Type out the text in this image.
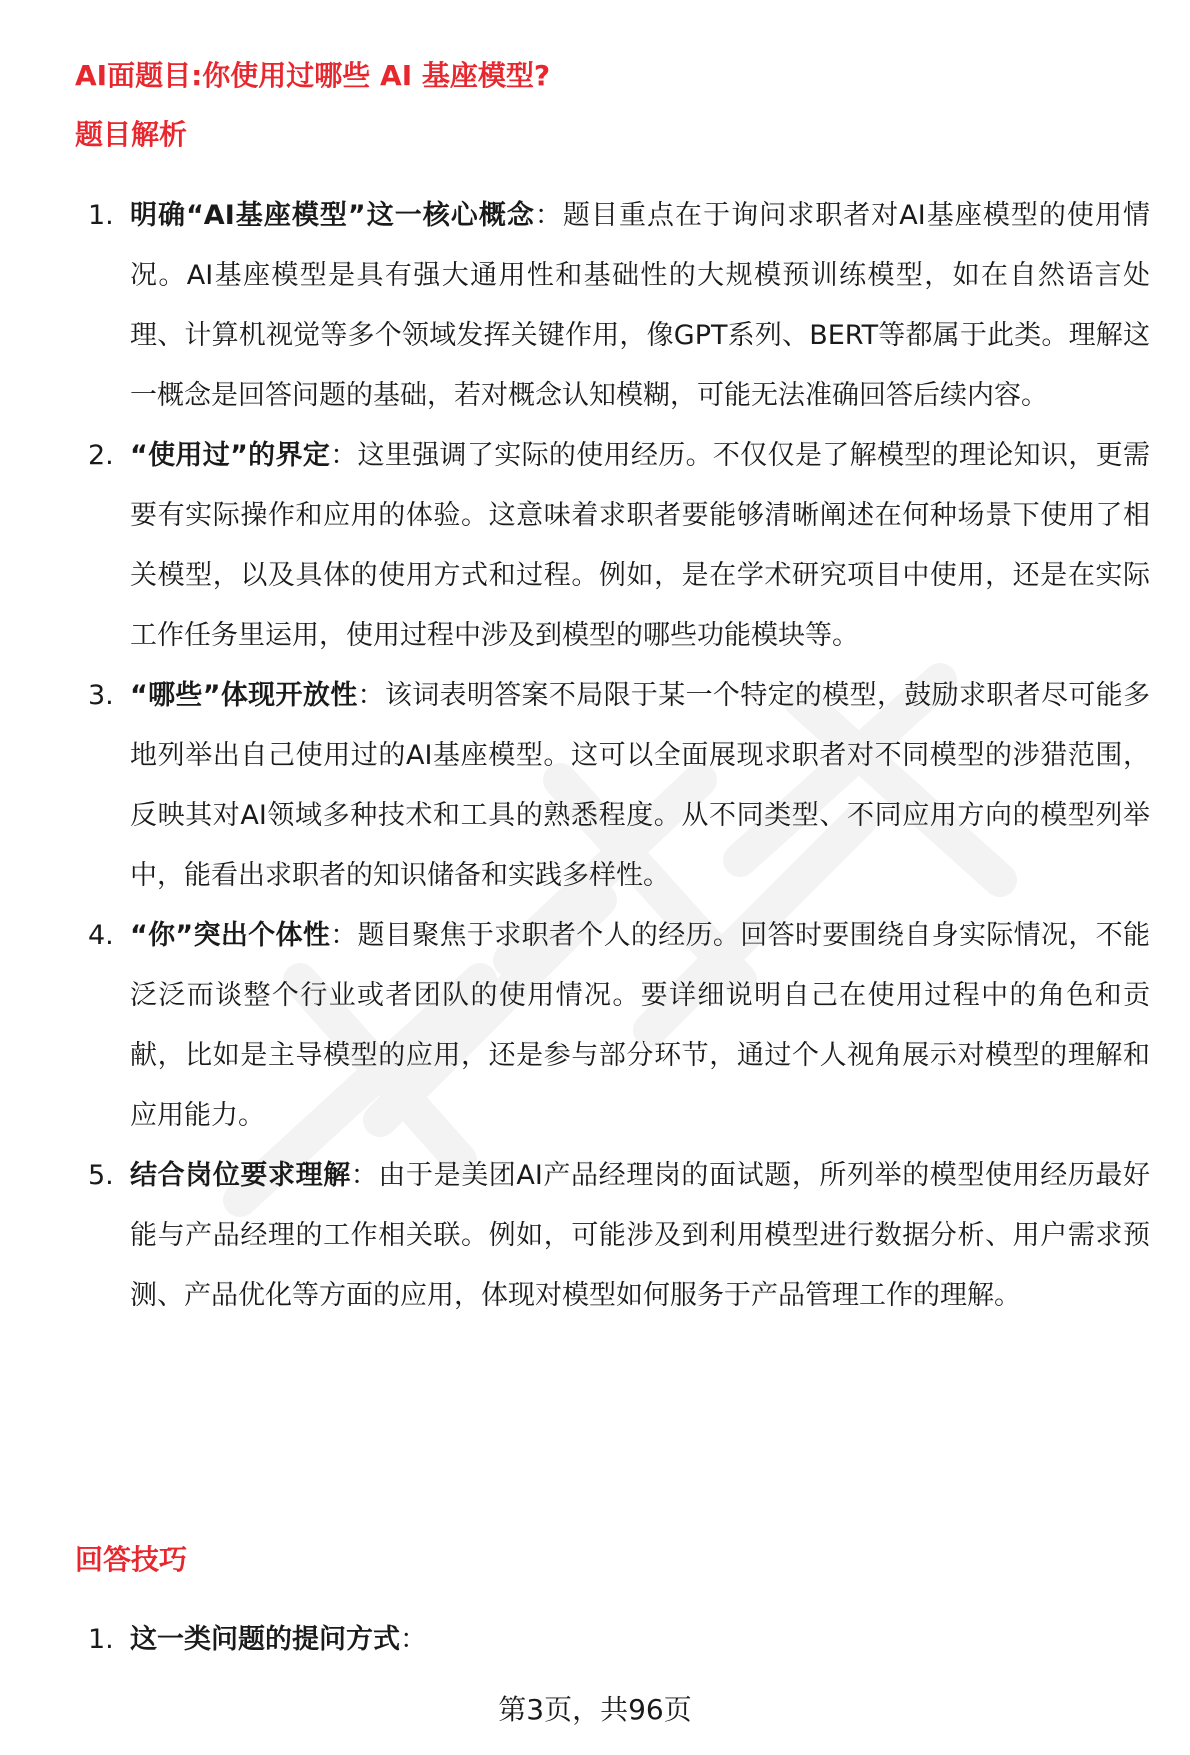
AI面题目:你使用过哪些 AI 基座模型?
题目解析
1. 明确“AI基座模型”这一核心概念：题目重点在于询问求职者对AI基座模型的使用情况。AI基座模型是具有强大通用性和基础性的大规模预训练模型，如在自然语言处理、计算机视觉等多个领域发挥关键作用，像GPT系列、BERT等都属于此类。理解这一概念是回答问题的基础，若对概念认知模糊，可能无法准确回答后续内容。
2. “使用过”的界定：这里强调了实际的使用经历。不仅仅是了解模型的理论知识，更需要有实际操作和应用的体验。这意味着求职者要能够清晰阐述在何种场景下使用了相关模型，以及具体的使用方式和过程。例如，是在学术研究项目中使用，还是在实际工作任务里运用，使用过程中涉及到模型的哪些功能模块等。
3. “哪些”体现开放性：该词表明答案不局限于某一个特定的模型，鼓励求职者尽可能多地列举出自己使用过的AI基座模型。这可以全面展现求职者对不同模型的涉猎范围，反映其对AI领域多种技术和工具的熟悉程度。从不同类型、不同应用方向的模型列举中，能看出求职者的知识储备和实践多样性。
4. “你”突出个体性：题目聚焦于求职者个人的经历。回答时要围绕自身实际情况，不能泛泛而谈整个行业或者团队的使用情况。要详细说明自己在使用过程中的角色和贡献，比如是主导模型的应用，还是参与部分环节，通过个人视角展示对模型的理解和应用能力。
5. 结合岗位要求理解：由于是美团AI产品经理岗的面试题，所列举的模型使用经历最好能与产品经理的工作相关联。例如，可能涉及到利用模型进行数据分析、用户需求预测、产品优化等方面的应用，体现对模型如何服务于产品管理工作的理解。
回答技巧
1. 这一类问题的提问方式：
第3页，共96页
